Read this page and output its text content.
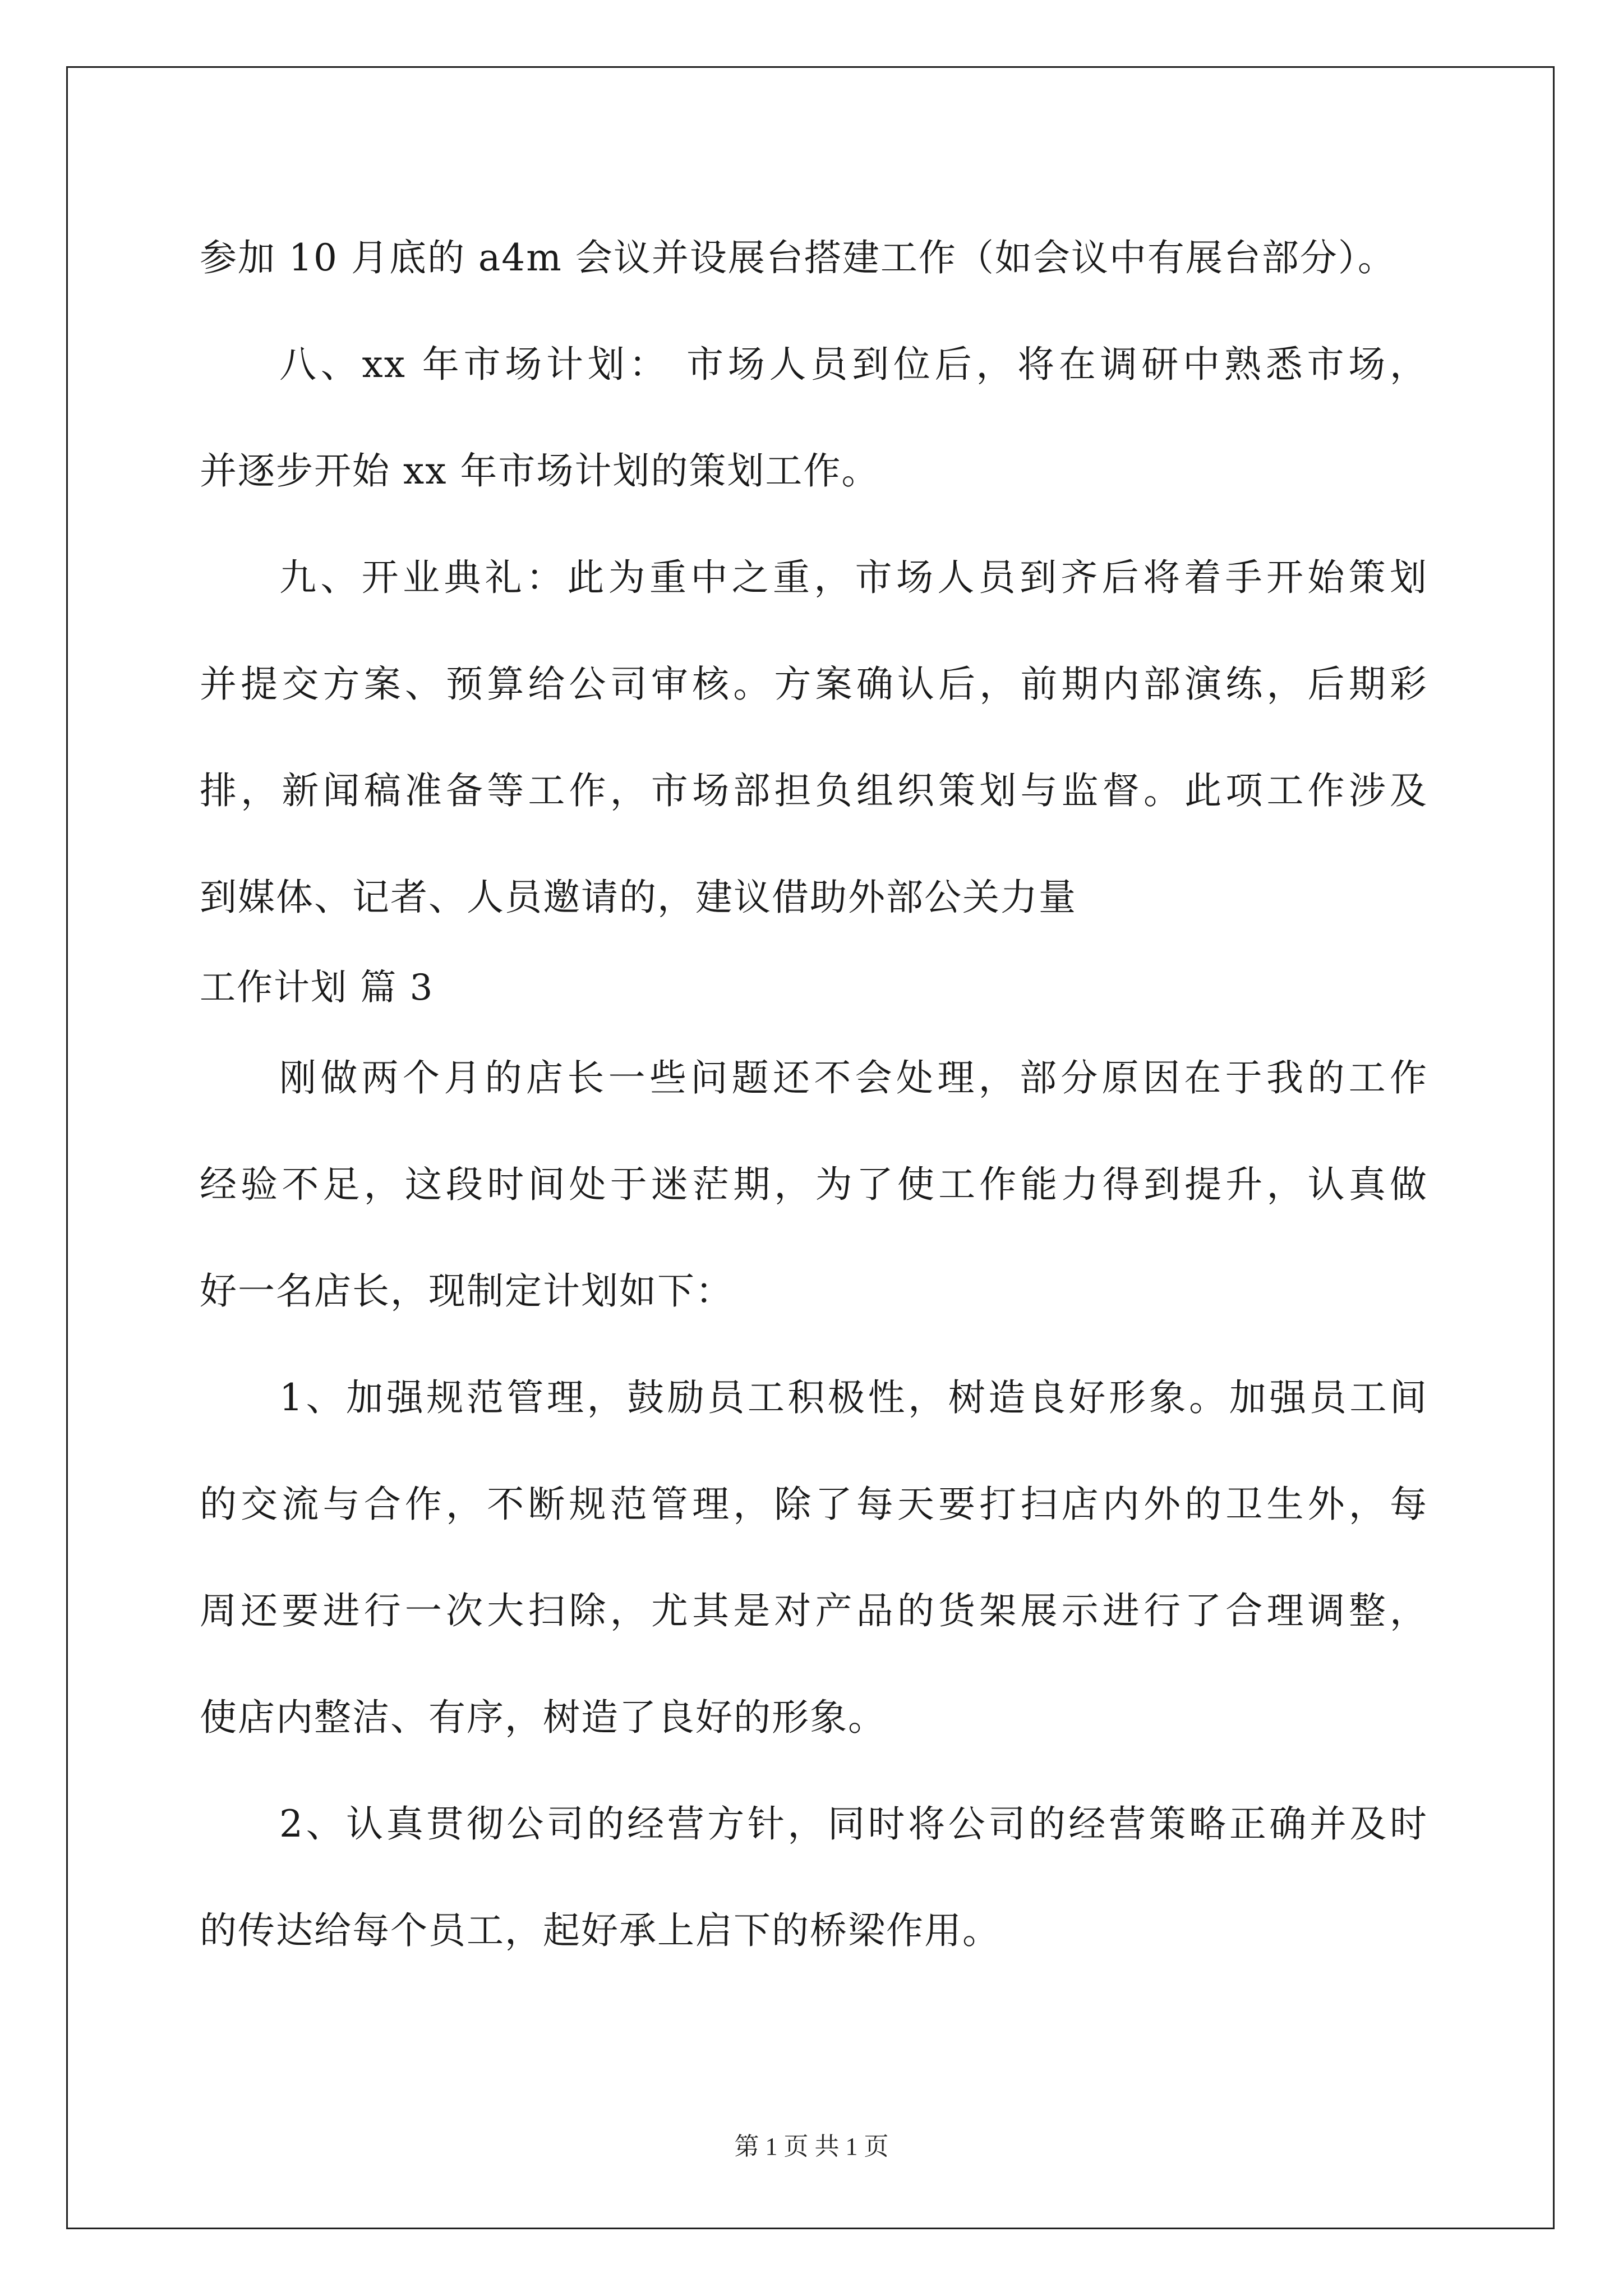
参加 10 月底的 a4m 会议并设展台搭建工作（如会议中有展台部分）。
八、xx 年市场计划： 市场人员到位后，将在调研中熟悉市场，
并逐步开始 xx 年市场计划的策划工作。
九、开业典礼：此为重中之重，市场人员到齐后将着手开始策划
并提交方案、预算给公司审核。方案确认后，前期内部演练，后期彩
排，新闻稿准备等工作，市场部担负组织策划与监督。此项工作涉及
到媒体、记者、人员邀请的，建议借助外部公关力量
工作计划 篇 3
刚做两个月的店长一些问题还不会处理，部分原因在于我的工作
经验不足，这段时间处于迷茫期，为了使工作能力得到提升，认真做
好一名店长，现制定计划如下：
1、加强规范管理，鼓励员工积极性，树造良好形象。加强员工间
的交流与合作，不断规范管理，除了每天要打扫店内外的卫生外，每
周还要进行一次大扫除，尤其是对产品的货架展示进行了合理调整，
使店内整洁、有序，树造了良好的形象。
2、认真贯彻公司的经营方针，同时将公司的经营策略正确并及时
的传达给每个员工，起好承上启下的桥梁作用。
第 1 页 共 1 页
